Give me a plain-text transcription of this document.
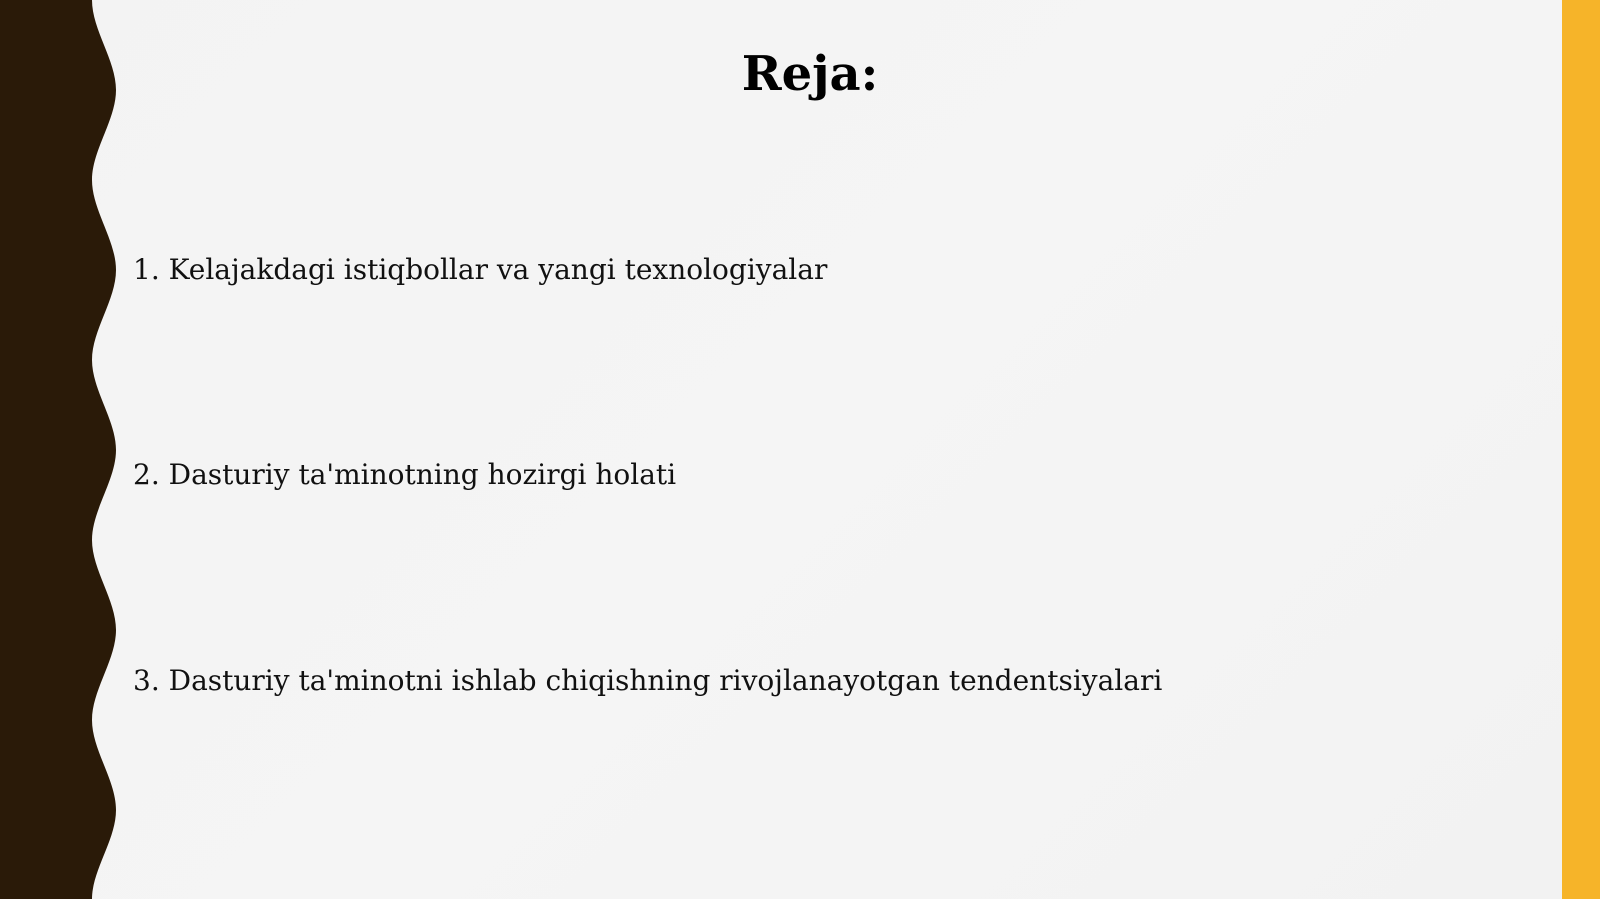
Reja:

1. Kelajakdagi istiqbollar va yangi texnologiyalar

2. Dasturiy ta'minotning hozirgi holati

3. Dasturiy ta'minotni ishlab chiqishning rivojlanayotgan tendentsiyalari
